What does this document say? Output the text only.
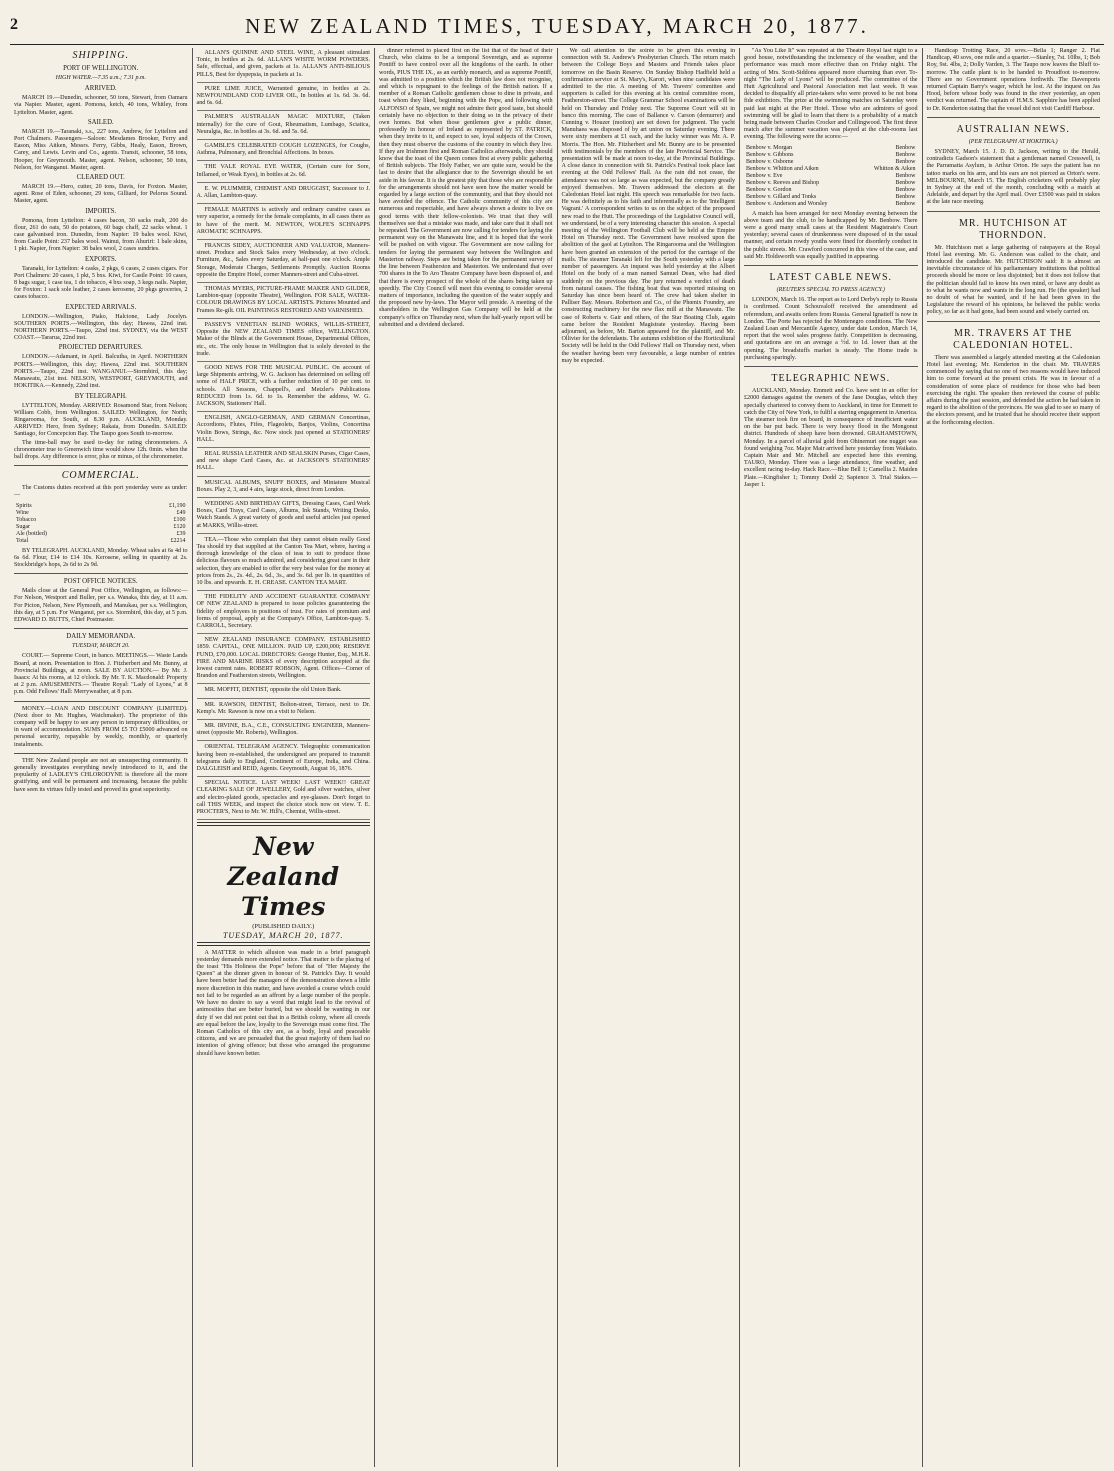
2	NEW ZEALAND TIMES, TUESDAY, MARCH 20, 1877.
SHIPPING.
PORT OF WELLINGTON.
HIGH WATER.—7.35 a.m.; 7.31 p.m.
ARRIVED.
MARCH 19.—Dunedin, schooner, 50 tons, Stewart, from Oamaru via Napier. Master, agent. Pomona, ketch, 40 tons, Whitley, from Lyttelton. Master, agent.
SAILED.
MARCH 19.—Taranaki, s.s., 227 tons, Andrew, for Lyttelton and Port Chalmers. Passengers—Saloon: Mesdames Brooker, Ferry and Eason, Miss Aitken, Messrs. Ferry, Gibbs, Healy, Eason, Brown, Carey, and Lewis. Levin and Co., agents. Transit, schooner, 58 tons, Hooper, for Greymouth. Master, agent. Nelson, schooner, 50 tons, Nelson, for Wanganui. Master, agent.
CLEARED OUT.
MARCH 19.—Hero, cutter, 20 tons, Davis, for Foxton. Master, agent. Rose of Eden, schooner, 29 tons, Gilliard, for Pelorus Sound. Master, agent.
IMPORTS.
Pomona, from Lyttelton: 4 cases bacon, 30 sacks malt, 200 do flour, 261 do oats, 50 do potatoes, 60 bags chaff, 22 sacks wheat. 1 case galvanised iron. Dunedin, from Napier: 19 bales wool. Kiwi, from Castle Point: 237 bales wool. Wainui, from Ahuriri: 1 bale skins, 1 pkt. Napier, from Napier: 38 bales wool, 2 cases sundries.
EXPORTS.
Taranaki, for Lyttelton: 4 casks, 2 pkgs, 6 cases, 2 cases cigars. For Port Chalmers: 20 cases, 1 pkt, 5 bxs. Kiwi, for Castle Point: 10 cases, 8 bags sugar, 1 case tea, 1 do tobacco, 4 bxs soap, 3 kegs nails. Napier, for Foxton: 1 sack sole leather, 2 cases kerosene, 20 pkgs groceries, 2 cases tobacco.
EXPECTED ARRIVALS.
LONDON.—Wellington, Piako, Halcione, Lady Jocelyn. SOUTHERN PORTS.—Wellington, this day; Hawea, 22nd inst. NORTHERN PORTS.—Taupo, 22nd inst. SYDNEY, via the WEST COAST.—Tararua, 22nd inst.
PROJECTED DEPARTURES.
LONDON.—Adamant, in April. Balcutha, in April. NORTHERN PORTS.—Wellington, this day; Hawea, 22nd inst. SOUTHERN PORTS.—Taupo, 22nd inst. WANGANUI.—Stormbird, this day; Manawatu, 21st inst. NELSON, WESTPORT, GREYMOUTH, and HOKITIKA.—Kennedy, 22nd inst.
BY TELEGRAPH.
LYTTELTON, Monday. ARRIVED: Rosamond Star, from Nelson; William Cobb, from Wellington. SAILED: Wellington, for North; Ringarooma, for South, at 8.30 p.m. AUCKLAND, Monday. ARRIVED: Hero, from Sydney; Rakaia, from Dunedin. SAILED: Santiago, for Concepcion Bay. The Taupo goes South to-morrow.
The time-ball may be used to-day for rating chronometers. A chronometer true to Greenwich time would show 12h. 0min. when the ball drops. Any difference is error, plus or minus, of the chronometer.
COMMERCIAL.
The Customs duties received at this port yesterday were as under:—
Spirits	£1,190
Wine	£49
Tobacco	£100
Sugar	£120
Ale (bottled)	£39
Total	£2214
BY TELEGRAPH. AUCKLAND, Monday. Wheat sales at 6s 4d to 6s 6d. Flour, £14 to £14 10s. Kerosene, selling in quantity at 2s. Stockbridge's hops, 2s 6d to 2s 9d.
POST OFFICE NOTICES.
Mails close at the General Post Office, Wellington, as follows:— For Nelson, Westport and Buller, per s.s. Wanaka, this day, at 11 a.m. For Picton, Nelson, New Plymouth, and Manukau, per s.s. Wellington, this day, at 5 p.m. For Wanganui, per s.s. Stormbird, this day, at 5 p.m. EDWARD D. BUTTS, Chief Postmaster.
DAILY MEMORANDA.
TUESDAY, MARCH 20.
COURT.— Supreme Court, in banco. MEETINGS.— Waste Lands Board, at noon. Presentation to Hon. J. Fitzherbert and Mr. Bunny, at Provincial Buildings, at noon. SALE BY AUCTION.— By Mr. J. Isaacs: At his rooms, at 12 o'clock. By Mr. T. K. Macdonald: Property at 2 p.m. AMUSEMENTS.— Theatre Royal: "Lady of Lyons," at 8 p.m. Odd Fellows' Hall: Merryweather, at 8 p.m.
MONEY.—LOAN AND DISCOUNT COMPANY (LIMITED). (Next door to Mr. Hughes, Watchmaker). The proprietor of this company will be happy to see any person in temporary difficulties, or in want of accommodation. SUMS FROM £5 TO £5000 advanced on personal security, repayable by weekly, monthly, or quarterly instalments.
THE New Zealand people are not an unsuspecting community. It generally investigates everything newly introduced to it, and the popularity of LADLEY'S CHLORODYNE is therefore all the more gratifying, and will be permanent and increasing, because the public have seen its virtues fully tested and proved its great superiority.
ALLAN'S QUININE AND STEEL WINE, A pleasant stimulant Tonic, in bottles at 2s. 6d. ALLAN'S WHITE WORM POWDERS. Safe, effectual, and given, packets at 1s. ALLAN'S ANTI-BILIOUS PILLS, Best for dyspepsia, in packets at 1s.
PURE LIME JUICE, Warranted genuine, in bottles at 2s. NEWFOUNDLAND COD LIVER OIL, In bottles at 1s. 6d. 3s. 6d. and 6s. 6d.
PALMER'S AUSTRALIAN MAGIC MIXTURE, (Taken internally) for the cure of Gout, Rheumatism, Lumbago, Sciatica, Neuralgia, &c. in bottles at 3s. 6d. and 5s. 6d.
GAMBLE'S CELEBRATED COUGH LOZENGES, for Coughs, Asthma, Pulmonary, and Bronchial Affections. In boxes.
THE VALE ROYAL EYE WATER, (Certain cure for Sore, Inflamed, or Weak Eyes), in bottles at 2s. 6d.
E. W. PLUMMER, CHEMIST AND DRUGGIST, Successor to J. A. Allan, Lambton-quay.
FEMALE MARTINS is actively and ordinary curative cases as very superior, a remedy for the female complaints, in all cases there as to have of the merit. M. NEWTON, WOLFE'S SCHNAPPS AROMATIC SCHNAPPS.
FRANCIS SIDEY, AUCTIONEER AND VALUATOR, Manners-street. Produce and Stock Sales every Wednesday, at two o'clock. Furniture, &c., Sales every Saturday, at half-past one o'clock. Ample Storage, Moderate Charges, Settlements Promptly. Auction Rooms opposite the Empire Hotel, corner Manners-street and Cuba-street.
THOMAS MYERS, PICTURE-FRAME MAKER AND GILDER, Lambton-quay (opposite Theatre), Wellington. FOR SALE, WATER-COLOUR DRAWINGS BY LOCAL ARTISTS. Pictures Mounted and Frames Re-gilt. OIL PAINTINGS RESTORED AND VARNISHED.
PASSEY'S VENETIAN BLIND WORKS, WILLIS-STREET, Opposite the NEW ZEALAND TIMES office, WELLINGTON. Maker of the Blinds at the Government House, Departmental Offices, etc., etc. The only house in Wellington that is solely devoted to the trade.
GOOD NEWS FOR THE MUSICAL PUBLIC. On account of large Shipments arriving, W. G. Jackson has determined on selling off some of HALF PRICE, with a further reduction of 10 per cent. to schools. All Sessons, Chappell's, and Metzler's Publications REDUCED from 1s. 6d. to 1s. Remember the address, W. G. JACKSON, Stationers' Hall.
ENGLISH, ANGLO-GERMAN, AND GERMAN Concertinas, Accordions, Flutes, Fifes, Flageolets, Banjos, Violins, Concertina Violin Bows, Strings, &c. Now stock just opened at STATIONERS' HALL.
REAL RUSSIA LEATHER AND SEALSKIN Purses, Cigar Cases, and new shape Card Cases, &c. at JACKSON'S STATIONERS' HALL.
MUSICAL ALBUMS, SNUFF BOXES, and Miniature Musical Boxes. Play 2, 3, and 4 airs, large stock, direct from London.
WEDDING AND BIRTHDAY GIFTS, Dressing Cases, Card Work Boxes, Card Trays, Card Cases, Albums, Ink Stands, Writing Desks, Watch Stands. A great variety of goods and useful articles just opened at MARKS, Willis-street.
TEA.—Those who complain that they cannot obtain really Good Tea should try that supplied at the Canton Tea Mart, where, having a thorough knowledge of the class of teas to suit to produce those delicious flavours so much admired, and considering great care in their selection, they are enabled to offer the very best value for the money at prices from 2s., 2s. 4d., 2s. 6d., 3s., and 3s. 6d. per lb. in quantities of 10 lbs. and upwards. E. H. CREASE. CANTON TEA MART.
THE FIDELITY AND ACCIDENT GUARANTEE COMPANY OF NEW ZEALAND is prepared to issue policies guaranteeing the fidelity of employees in positions of trust. For rates of premium and forms of proposal, apply at the Company's Office, Lambton-quay. S. CARROLL, Secretary.
NEW ZEALAND INSURANCE COMPANY. ESTABLISHED 1859. CAPITAL, ONE MILLION. PAID UP, £200,000; RESERVE FUND, £70,000. LOCAL DIRECTORS: George Hunter, Esq., M.H.R. FIRE AND MARINE RISKS of every description accepted at the lowest current rates. ROBERT ROBSON, Agent. Offices—Corner of Brandon and Featherston streets, Wellington.
MR. MOFFIT, DENTIST, opposite the old Union Bank.
MR. RAWSON, DENTIST, Bolton-street, Terrace, next to Dr. Kemp's. Mr. Rawson is now on a visit to Nelson.
MR. IRVINE, B.A., C.E., CONSULTING ENGINEER, Manners-street (opposite Mr. Roberts), Wellington.
ORIENTAL TELEGRAM AGENCY. Telegraphic communication having been re-established, the undersigned are prepared to transmit telegrams daily to England, Continent of Europe, India, and China. DALGLEISH and REID, Agents. Greymouth, August 16, 1876.
SPECIAL NOTICE. LAST WEEK! LAST WEEK!! GREAT CLEARING SALE OF JEWELLERY, Gold and silver watches, silver and electro-plated goods, spectacles and eye-glasses. Don't forget to call THIS WEEK, and inspect the choice stock now on view. T. E. PROCTER'S, Next to Mr. W. Hill's, Chemist, Willis-street.
New Zealand Times
(PUBLISHED DAILY.)
TUESDAY, MARCH 20, 1877.
A MATTER to which allusion was made in a brief paragraph yesterday demands more extended notice. That matter is the placing of the toast "His Holiness the Pope" before that of "Her Majesty the Queen" at the dinner given in honour of St. Patrick's Day. It would have been better had the managers of the demonstration shown a little more discretion in this matter, and have avoided a course which could not fail to be regarded as an affront by a large number of the people. We have no desire to say a word that might lead to the revival of animosities that are better buried, but we should be wanting in our duty if we did not point out that in a British colony, where all creeds are equal before the law, loyalty to the Sovereign must come first. The Roman Catholics of this city are, as a body, loyal and peaceable citizens, and we are persuaded that the great majority of them had no intention of giving offence; but those who arranged the programme should have known better.
dinner referred to placed first on the list that of the head of their Church, who claims to be a temporal Sovereign, and as supreme Pontiff to have control over all the kingdoms of the earth. In other words, PIUS THE IX., as an earthly monarch, and as supreme Pontiff, was admitted to a position which the British law does not recognise, and which is repugnant to the feelings of the British nation. If a member of a Roman Catholic gentlemen chose to dine in private, and toast whom they liked, beginning with the Pope, and following with ALFONSO of Spain, we might not admire their good taste, but should certainly have no objection to their doing so in the privacy of their own homes. But when those gentlemen give a public dinner, professedly in honour of Ireland as represented by ST. PATRICK, when they invite to it, and expect to see, loyal subjects of the Crown, then they must observe the customs of the country in which they live. If they are Irishmen first and Roman Catholics afterwards, they should know that the toast of the Queen comes first at every public gathering of British subjects. The Holy Father, we are quite sure, would be the last to desire that the allegiance due to the Sovereign should be set aside in his favour. It is the greatest pity that those who are responsible for the arrangements should not have seen how the matter would be regarded by a large section of the community, and that they should not have avoided the offence. The Catholic community of this city are numerous and respectable, and have always shown a desire to live on good terms with their fellow-colonists. We trust that they will themselves see that a mistake was made, and take care that it shall not be repeated. The Government are now calling for tenders for laying the permanent way on the Manawatu line, and it is hoped that the work will be pushed on with vigour. The Government are now calling for tenders for laying the permanent way between the Wellington and Masterton railway. Steps are being taken for the permanent survey of the line between Featherston and Masterton. We understand that over 700 shares in the To Aro Theatre Company have been disposed of, and that there is every prospect of the whole of the shares being taken up speedily. The City Council will meet this evening to consider several matters of importance, including the question of the water supply and the proposed new by-laws. The Mayor will preside. A meeting of the shareholders in the Wellington Gas Company will be held at the company's office on Thursday next, when the half-yearly report will be submitted and a dividend declared.
We call attention to the soirée to be given this evening in connection with St. Andrew's Presbyterian Church. The return match between the College Boys and Masters and Friends takes place tomorrow on the Basin Reserve. On Sunday Bishop Hadfield held a confirmation service at St. Mary's, Karori, when nine candidates were admitted to the rite. A meeting of Mr. Travers' committee and supporters is called for this evening at his central committee room, Featherston-street. The College Grammar School examinations will be held on Thursday and Friday next. The Supreme Court will sit in banco this morning. The case of Ballance v. Carson (demurrer) and Cunning v. Houzer (motion) are set down for judgment. The yacht Manuhaea was disposed of by art union on Saturday evening. There were sixty members at £1 each, and the lucky winner was Mr. A. P. Morris. The Hon. Mr. Fitzherbert and Mr. Bunny are to be presented with testimonials by the members of the late Provincial Service. The presentation will be made at noon to-day, at the Provincial Buildings. A close dance in connection with St. Patrick's Festival took place last evening at the Odd Fellows' Hall. As the rain did not cease, the attendance was not so large as was expected, but the company greatly enjoyed themselves. Mr. Travers addressed the electors at the Caledonian Hotel last night. His speech was remarkable for two facts. He was definitely as to his faith and inferentially as to the 'Intelligent Vagrant.' A correspondent writes to us on the subject of the proposed new road to the Hutt. The proceedings of the Legislative Council will, we understand, be of a very interesting character this session. A special meeting of the Wellington Football Club will be held at the Empire Hotel on Thursday next. The Government have resolved upon the abolition of the gaol at Lyttelton. The Ringarooma and the Wellington have been granted an extension of the period for the carriage of the mails. The steamer Taranaki left for the South yesterday with a large number of passengers. An inquest was held yesterday at the Albert Hotel on the body of a man named Samuel Dean, who had died suddenly on the previous day. The jury returned a verdict of death from natural causes. The fishing boat that was reported missing on Saturday has since been heard of. The crew had taken shelter in Palliser Bay. Messrs. Robertson and Co., of the Phœnix Foundry, are constructing machinery for the new flax mill at the Manawatu. The case of Roberts v. Gair and others, of the Star Boating Club, again came before the Resident Magistrate yesterday. Having been adjourned, as before, Mr. Barton appeared for the plaintiff, and Mr. Ollivier for the defendants. The autumn exhibition of the Horticultural Society will be held in the Odd Fellows' Hall on Thursday next, when the weather having been very favourable, a large number of entries may be expected.
"As You Like It" was repeated at the Theatre Royal last night to a good house, notwithstanding the inclemency of the weather, and the performance was much more effective than on Friday night. The acting of Mrs. Scott-Siddons appeared more charming than ever. To-night "The Lady of Lyons" will be produced. The committee of the Hutt Agricultural and Pastoral Association met last week. It was decided to disqualify all prize-takers who were proved to be not bona fide exhibitors. The prize at the swimming matches on Saturday were paid last night at the Pier Hotel. Those who are admirers of good swimming will be glad to learn that there is a probability of a match being made between Charles Crocker and Collingwood. The first three match after the summer vacation was played at the club-rooms last evening. The following were the scores:—
Benbow v. Morgan	Benbow
Benbow v. Gibbons	Benbow
Benbow v. Osborne	Benbow
Benbow v. Whitton and Aiken	Whitton & Aiken
Benbow v. Eve	Benbow
Benbow v. Reeves and Bishop	Benbow
Benbow v. Gordon	Benbow
Benbow v. Gillard and Tonks	Benbow
Benbow v. Anderson and Worsley	Benbow
A match has been arranged for next Monday evening between the above team and the club, to be handicapped by Mr. Benbow. There were a good many small cases at the Resident Magistrate's Court yesterday; several cases of drunkenness were disposed of in the usual manner, and certain rowdy youths were fined for disorderly conduct in the public streets. Mr. Crawford concurred in this view of the case, and said Mr. Holdsworth was equally justified in appearing.
LATEST CABLE NEWS.
(REUTER'S SPECIAL TO PRESS AGENCY.)
LONDON, March 16. The report as to Lord Derby's reply to Russia is confirmed. Count Schouvaloff received the amendment ad referendum, and awaits orders from Russia. General Ignatieff is now in London. The Porte has rejected the Montenegro conditions. The New Zealand Loan and Mercantile Agency, under date London, March 14, report that the wool sales progress fairly. Competition is decreasing, and quotations are on an average a ½d. to 1d. lower than at the opening. The breadstuffs market is steady. The Home trade is purchasing sparingly.
TELEGRAPHIC NEWS.
AUCKLAND, Monday. Emmett and Co. have sent in an offer for £2000 damages against the owners of the Jane Douglas, which they specially chartered to convey them to Auckland, in time for Emmett to catch the City of New York, to fulfil a starring engagement in America. The steamer took fire on board, in consequence of insufficient water on the bar put back. There is very heavy flood in the Mongonui district. Hundreds of sheep have been drowned. GRAHAMSTOWN, Monday. In a parcel of alluvial gold from Ohinemuri one nugget was found weighing 7oz. Major Mair arrived here yesterday from Waikato. Captain Mair and Mr. Mitchell are expected here this evening. TAURO, Monday. There was a large attendance, fine weather, and excellent racing to-day. Hack Race.—Blue Bell 1; Camellia 2. Maiden Plate.—Kingfisher 1; Tommy Dodd 2; Sapience 3. Trial Stakes.—Jasper 1.
Handicap Trotting Race, 20 sovs.—Bella 1; Ranger 2. Flat Handicap, 40 sovs, one mile and a quarter.—Stanley, 7st. 10lbs, 1; Bob Roy, 9st. 4lbs, 2; Dolly Varden, 3. The Taupo now leaves the Bluff to-morrow. The cattle plant is to be handed to Proudfoot to-morrow. There are no Government operations forthwith. The Davenports returned Captain Barry's wager, which he lost. At the inquest on Jas Hood, before whose body was found in the river yesterday, an open verdict was returned. The captain of H.M.S. Sapphire has been applied to Dr. Kenderton stating that the vessel did not visit Cardiff Harbour.
AUSTRALIAN NEWS.
(PER TELEGRAPH AT HOKITIKA.)
SYDNEY, March 15. J. D. D. Jackson, writing to the Herald, contradicts Gadson's statement that a gentleman named Cresswell, is the Parramatta Asylum, is Arthur Orton. He says the patient has no tattoo marks on his arm, and his ears are not pierced as Orton's were. MELBOURNE, March 15. The English cricketers will probably play in Sydney at the end of the month, concluding with a match at Adelaide, and depart by the April mail. Over £3500 was paid in stakes at the late race meeting.
MR. HUTCHISON AT THORNDON.
Mr. Hutchison met a large gathering of ratepayers at the Royal Hotel last evening. Mr. G. Anderson was called to the chair, and introduced the candidate. Mr. HUTCHISON said: It is almost an inevitable circumstance of his parliamentary institutions that political proceeds should be more or less disjointed; but it does not follow that the politician should fail to know his own mind, or have any doubt as to what he wants now and wants in the long run. He (the speaker) had no doubt of what he wanted, and if he had been given in the Legislature the reward of his opinions, he believed the public works policy, so far as it had gone, had been sound and wisely carried on.
MR. TRAVERS AT THE CALEDONIAN HOTEL.
There was assembled a largely attended meeting at the Caledonian Hotel last evening; Mr. Kenderton in the chair. Mr. TRAVERS commenced by saying that no one of two reasons would have induced him to come forward at the present crisis. He was in favour of a consideration of some place of residence for those who had been exercising the right. The speaker then reviewed the course of public affairs during the past session, and defended the action he had taken in regard to the abolition of the provinces. He was glad to see so many of the electors present, and he trusted that he should receive their support at the forthcoming election.
